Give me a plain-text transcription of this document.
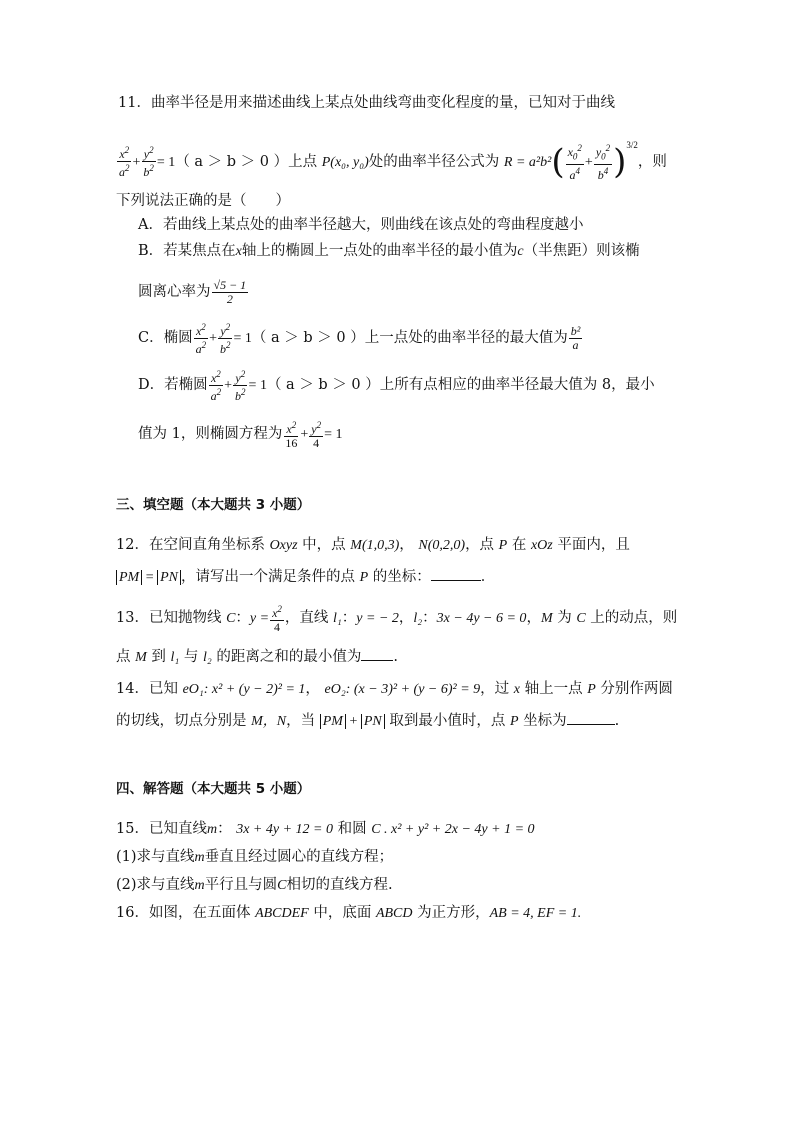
11．曲率半径是用来描述曲线上某点处曲线弯曲变化程度的量，已知对于曲线
$\frac{x^2}{a^2} + \frac{y^2}{b^2} = 1$（ a ＞ b ＞ 0 ）上点 P(x₀, y₀)处的曲率半径公式为 $R = a^2b^2( \frac{x_0^2}{a^4} + \frac{y_0^2}{b^4} )^{3/2}$，则
下列说法正确的是（　　）
A．若曲线上某点处的曲率半径越大，则曲线在该点处的弯曲程度越小
B．若某焦点在x轴上的椭圆上一点处的曲率半径的最小值为c（半焦距）则该椭
圆离心率为 $\frac{√5 - 1}{2}$
C．椭圆 $\frac{x^2}{a^2} + \frac{y^2}{b^2} = 1$（ a ＞ b ＞ 0 ）上一点处的曲率半径的最大值为 $\frac{\text{b²}}{a}$
D．若椭圆 $\frac{x^2}{a^2} + \frac{y^2}{b^2} = 1$（ a ＞ b ＞ 0 ）上所有点相应的曲率半径最大值为 8，最小
值为 1，则椭圆方程为 $\frac{x^2}{16} + \frac{y^2}{4} = 1$
三、填空题（本大题共 3 小题）
12．在空间直角坐标系 Oxyz 中，点 M(1,0,3)， N(0,2,0)，点 P 在 xOz 平面内，且
PM = PN ，请写出一个满足条件的点 P 的坐标：	．
13．已知抛物线 C：$y = \frac{x^2}{4}$ ，直线 l₁：y = − 2，l₂：3x − 4y − 6 = 0，M 为 C 上的动点，则
点 M 到 l₁ 与 l₂ 的距离之和的最小值为 .
14．已知 eO₁: x² + (y − 2)² = 1， eO₂: (x − 3)² + (y − 6)² = 9，过 x 轴上一点 P 分别作两圆
的切线，切点分别是 M，N，当 PM + PN 取到最小值时，点 P 坐标为	.
四、解答题（本大题共 5 小题）
15．已知直线m： 3x + 4y + 12 = 0 和圆 C . x² + y² + 2x − 4y + 1 = 0
(1)求与直线m垂直且经过圆心的直线方程；
(2)求与直线m平行且与圆C相切的直线方程.
16．如图，在五面体 ABCDEF 中，底面 ABCD 为正方形，AB = 4, EF = 1.
